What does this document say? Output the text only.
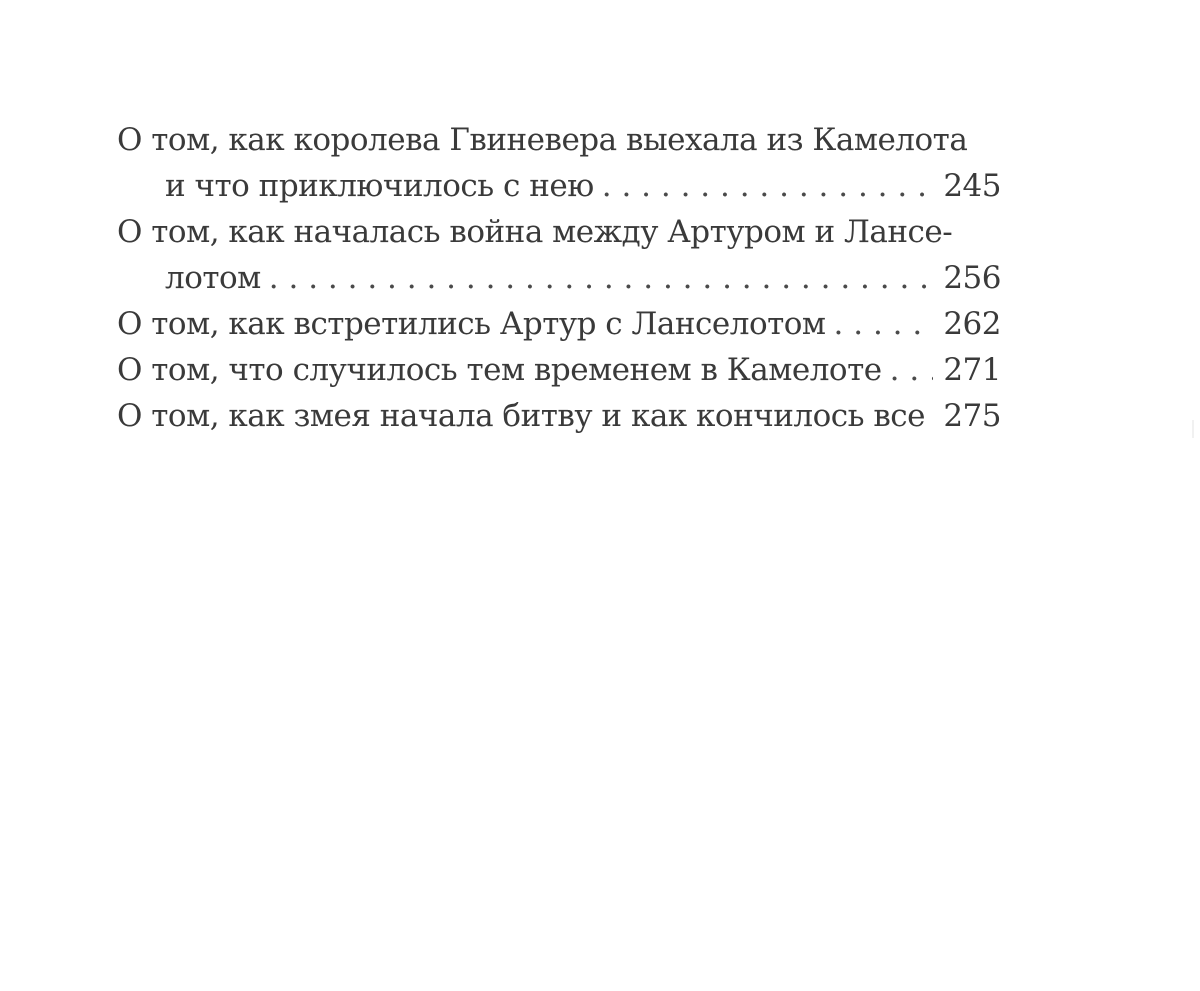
О том, как королева Гвиневера выехала из Камелота
и что приключилось с нею . . .	245
О том, как началась война между Артуром и Лансе-
лотом . . .	256
О том, как встретились Артур с Ланселотом . . .	262
О том, что случилось тем временем в Камелоте . . . 271
О том, как змея начала битву и как кончилось все . . . 275
